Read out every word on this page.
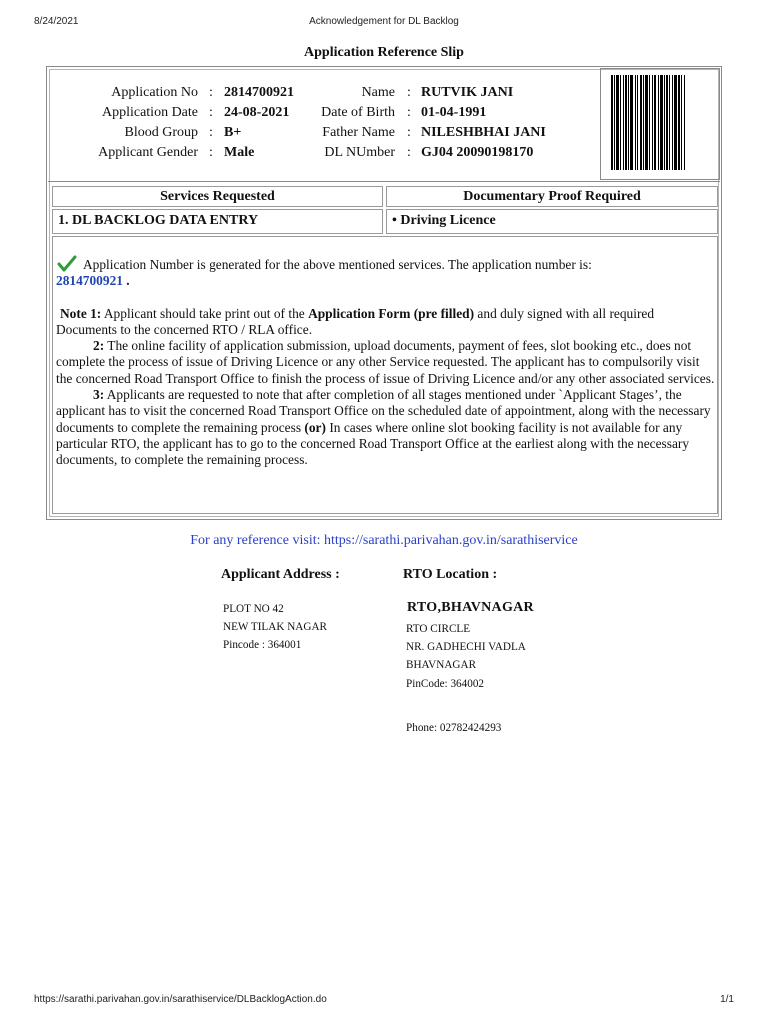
8/24/2021	Acknowledgement for DL Backlog
Application Reference Slip
Application No : 2814700921	Name : RUTVIK JANI
Application Date : 24-08-2021	Date of Birth : 01-04-1991
Blood Group : B+	Father Name : NILESHBHAI JANI
Applicant Gender : Male	DL NUmber : GJ04 20090198170
Services Requested	Documentary Proof Required
1. DL BACKLOG DATA ENTRY	• Driving Licence

Application Number is generated for the above mentioned services. The application number is:
2814700921 .

Note 1: Applicant should take print out of the Application Form (pre filled) and duly signed with all required Documents to the concerned RTO / RLA office.

2: The online facility of application submission, upload documents, payment of fees, slot booking etc., does not complete the process of issue of Driving Licence or any other Service requested. The applicant has to compulsorily visit the concerned Road Transport Office to finish the process of issue of Driving Licence and/or any other associated services.

3: Applicants are requested to note that after completion of all stages mentioned under `Applicant Stages’, the applicant has to visit the concerned Road Transport Office on the scheduled date of appointment, along with the necessary documents to complete the remaining process (or) In cases where online slot booking facility is not available for any particular RTO, the applicant has to go to the concerned Road Transport Office at the earliest along with the necessary documents, to complete the remaining process.

For any reference visit: https://sarathi.parivahan.gov.in/sarathiservice
Applicant Address :	RTO Location :
PLOT NO 42
NEW TILAK NAGAR
Pincode : 364001
RTO,BHAVNAGAR
RTO CIRCLE
NR. GADHECHI VADLA
BHAVNAGAR
PinCode: 364002
Phone: 02782424293
https://sarathi.parivahan.gov.in/sarathiservice/DLBacklogAction.do	1/1
